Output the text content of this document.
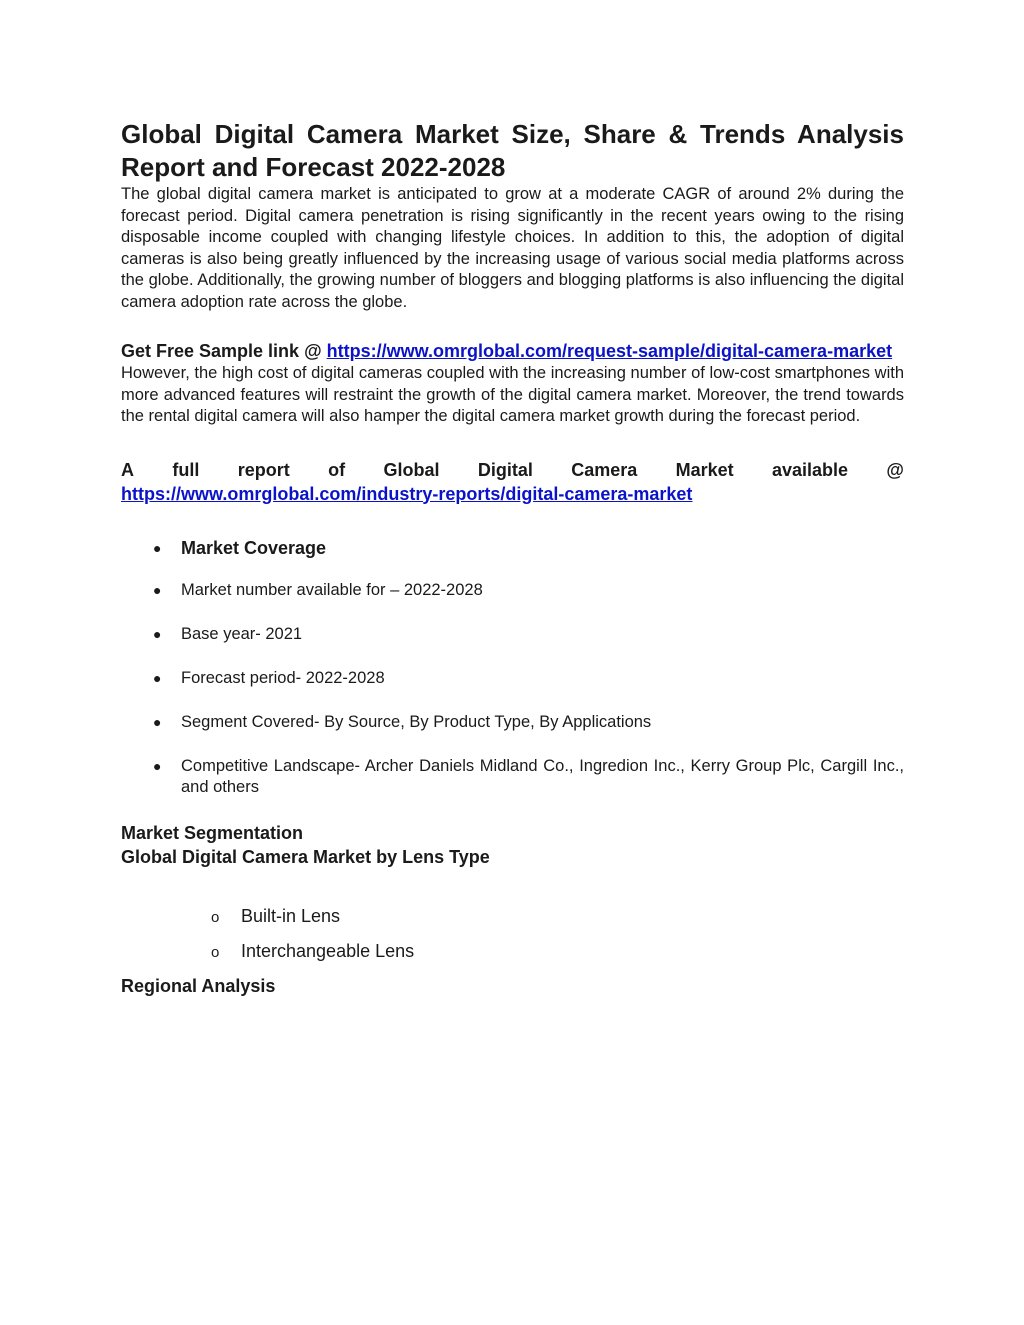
Global Digital Camera Market Size, Share & Trends Analysis Report and Forecast 2022-2028

The global digital camera market is anticipated to grow at a moderate CAGR of around 2% during the forecast period. Digital camera penetration is rising significantly in the recent years owing to the rising disposable income coupled with changing lifestyle choices. In addition to this, the adoption of digital cameras is also being greatly influenced by the increasing usage of various social media platforms across the globe. Additionally, the growing number of bloggers and blogging platforms is also influencing the digital camera adoption rate across the globe.

Get Free Sample link @ https://www.omrglobal.com/request-sample/digital-camera-market

However, the high cost of digital cameras coupled with the increasing number of low-cost smartphones with more advanced features will restraint the growth of the digital camera market. Moreover, the trend towards the rental digital camera will also hamper the digital camera market growth during the forecast period.

A full report of Global Digital Camera Market available @
https://www.omrglobal.com/industry-reports/digital-camera-market
● Market Coverage
● Market number available for – 2022-2028
● Base year- 2021
● Forecast period- 2022-2028
● Segment Covered- By Source, By Product Type, By Applications
● Competitive Landscape- Archer Daniels Midland Co., Ingredion Inc., Kerry Group Plc, Cargill Inc., and others
Market Segmentation
Global Digital Camera Market by Lens Type
o Built-in Lens
o Interchangeable Lens
Regional Analysis
